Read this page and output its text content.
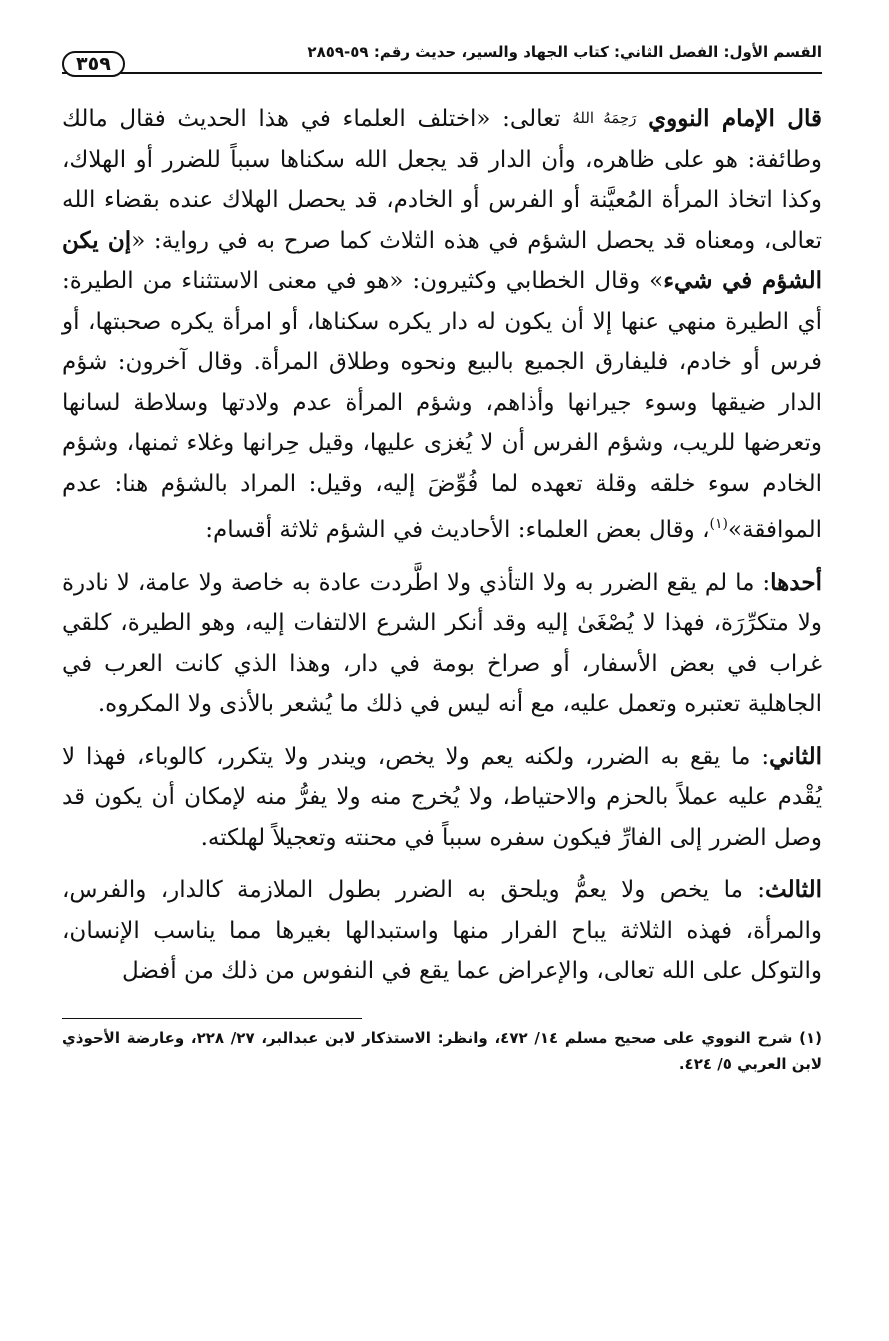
القسم الأول: الفصل الثاني: كتاب الجهاد والسير، حديث رقم: ٥٩-٢٨٥٩
٣٥٩

قال الإمام النووي رَحِمَهُ اللهُ تعالى: «اختلف العلماء في هذا الحديث فقال مالك وطائفة: هو على ظاهره، وأن الدار قد يجعل الله سكناها سبباً للضرر أو الهلاك، وكذا اتخاذ المرأة المُعيَّنة أو الفرس أو الخادم، قد يحصل الهلاك عنده بقضاء الله تعالى، ومعناه قد يحصل الشؤم في هذه الثلاث كما صرح به في رواية: «إن يكن الشؤم في شيء» وقال الخطابي وكثيرون: «هو في معنى الاستثناء من الطيرة: أي الطيرة منهي عنها إلا أن يكون له دار يكره سكناها، أو امرأة يكره صحبتها، أو فرس أو خادم، فليفارق الجميع بالبيع ونحوه وطلاق المرأة. وقال آخرون: شؤم الدار ضيقها وسوء جيرانها وأذاهم، وشؤم المرأة عدم ولادتها وسلاطة لسانها وتعرضها للريب، وشؤم الفرس أن لا يُغزى عليها، وقيل حِرانها وغلاء ثمنها، وشؤم الخادم سوء خلقه وقلة تعهده لما فُوِّضَ إليه، وقيل: المراد بالشؤم هنا: عدم الموافقة»$^{(١)}$، وقال بعض العلماء: الأحاديث في الشؤم ثلاثة أقسام:

أحدها: ما لم يقع الضرر به ولا التأذي ولا اطَّردت عادة به خاصة ولا عامة، لا نادرة ولا متكرِّرَة، فهذا لا يُصْغَىٰ إليه وقد أنكر الشرع الالتفات إليه، وهو الطيرة، كلقي غراب في بعض الأسفار، أو صراخ بومة في دار، وهذا الذي كانت العرب في الجاهلية تعتبره وتعمل عليه، مع أنه ليس في ذلك ما يُشعر بالأذى ولا المكروه.

الثاني: ما يقع به الضرر، ولكنه يعم ولا يخص، ويندر ولا يتكرر، كالوباء، فهذا لا يُقْدم عليه عملاً بالحزم والاحتياط، ولا يُخرج منه ولا يفرُّ منه لإمكان أن يكون قد وصل الضرر إلى الفارِّ فيكون سفره سبباً في محنته وتعجيلاً لهلكته.

الثالث: ما يخص ولا يعمُّ ويلحق به الضرر بطول الملازمة كالدار، والفرس، والمرأة، فهذه الثلاثة يباح الفرار منها واستبدالها بغيرها مما يناسب الإنسان، والتوكل على الله تعالى، والإعراض عما يقع في النفوس من ذلك من أفضل

(١) شرح النووي على صحيح مسلم ١٤/ ٤٧٢، وانظر: الاستذكار لابن عبدالبر، ٢٧/ ٢٢٨، وعارضة الأحوذي لابن العربي ٥/ ٤٢٤.
